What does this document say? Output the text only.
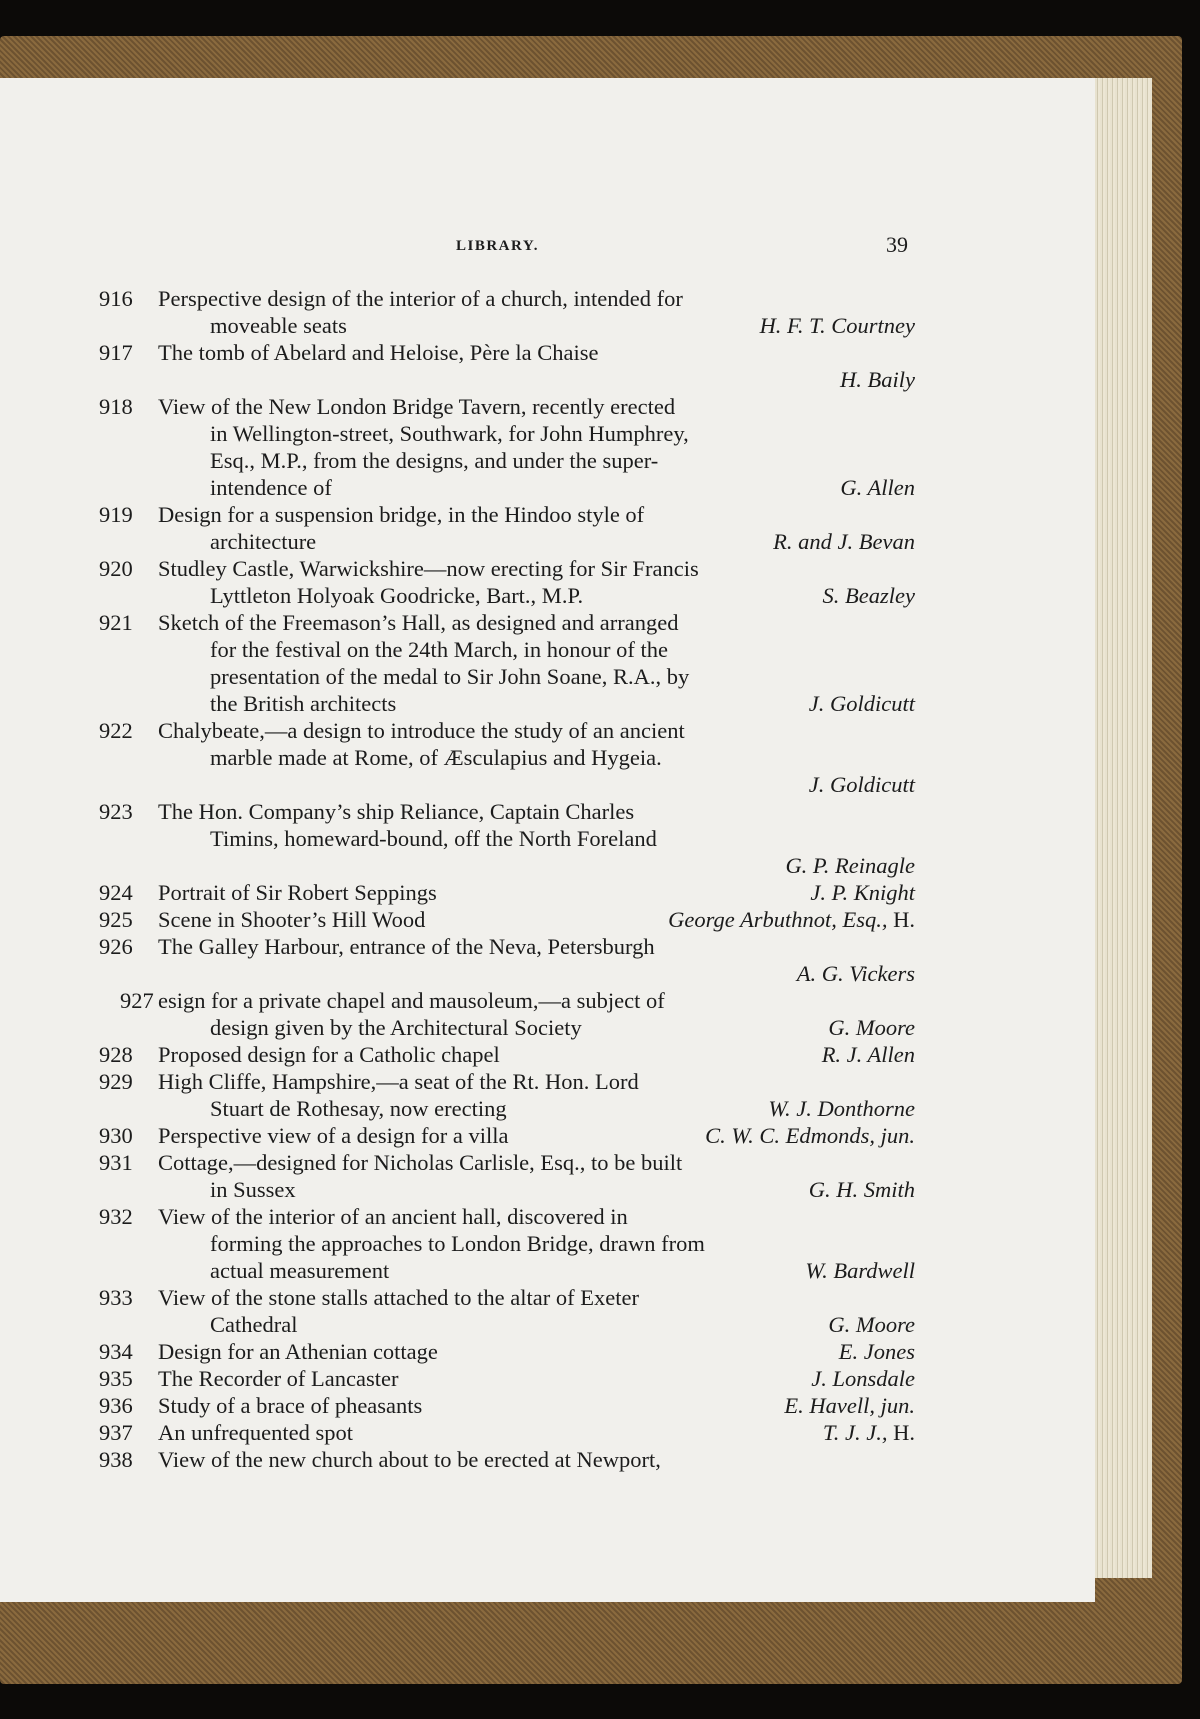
LIBRARY.	39
916 Perspective design of the interior of a church, intended for
moveable seats	H. F. T. Courtney
917 The tomb of Abelard and Heloise, Père la Chaise
H. Baily
918 View of the New London Bridge Tavern, recently erected
in Wellington-street, Southwark, for John Humphrey,
Esq., M.P., from the designs, and under the super-
intendence of	G. Allen
919 Design for a suspension bridge, in the Hindoo style of
architecture	R. and J. Bevan
920 Studley Castle, Warwickshire—now erecting for Sir Francis
Lyttleton Holyoak Goodricke, Bart., M.P.	S. Beazley
921 Sketch of the Freemason’s Hall, as designed and arranged
for the festival on the 24th March, in honour of the
presentation of the medal to Sir John Soane, R.A., by
the British architects	J. Goldicutt
922 Chalybeate,—a design to introduce the study of an ancient
marble made at Rome, of Æsculapius and Hygeia.
J. Goldicutt
923 The Hon. Company’s ship Reliance, Captain Charles
Timins, homeward-bound, off the North Foreland
G. P. Reinagle
924 Portrait of Sir Robert Seppings	J. P. Knight
925 Scene in Shooter’s Hill Wood	George Arbuthnot, Esq., H.
926 The Galley Harbour, entrance of the Neva, Petersburgh
A. G. Vickers
927 esign for a private chapel and mausoleum,—a subject of
design given by the Architectural Society	G. Moore
928 Proposed design for a Catholic chapel	R. J. Allen
929 High Cliffe, Hampshire,—a seat of the Rt. Hon. Lord
Stuart de Rothesay, now erecting	W. J. Donthorne
930 Perspective view of a design for a villa	C. W. C. Edmonds, jun.
931 Cottage,—designed for Nicholas Carlisle, Esq., to be built
in Sussex	G. H. Smith
932 View of the interior of an ancient hall, discovered in
forming the approaches to London Bridge, drawn from
actual measurement	W. Bardwell
933 View of the stone stalls attached to the altar of Exeter
Cathedral	G. Moore
934 Design for an Athenian cottage	E. Jones
935 The Recorder of Lancaster	J. Lonsdale
936 Study of a brace of pheasants	E. Havell, jun.
937 An unfrequented spot	T. J. J., H.
938 View of the new church about to be erected at Newport,
